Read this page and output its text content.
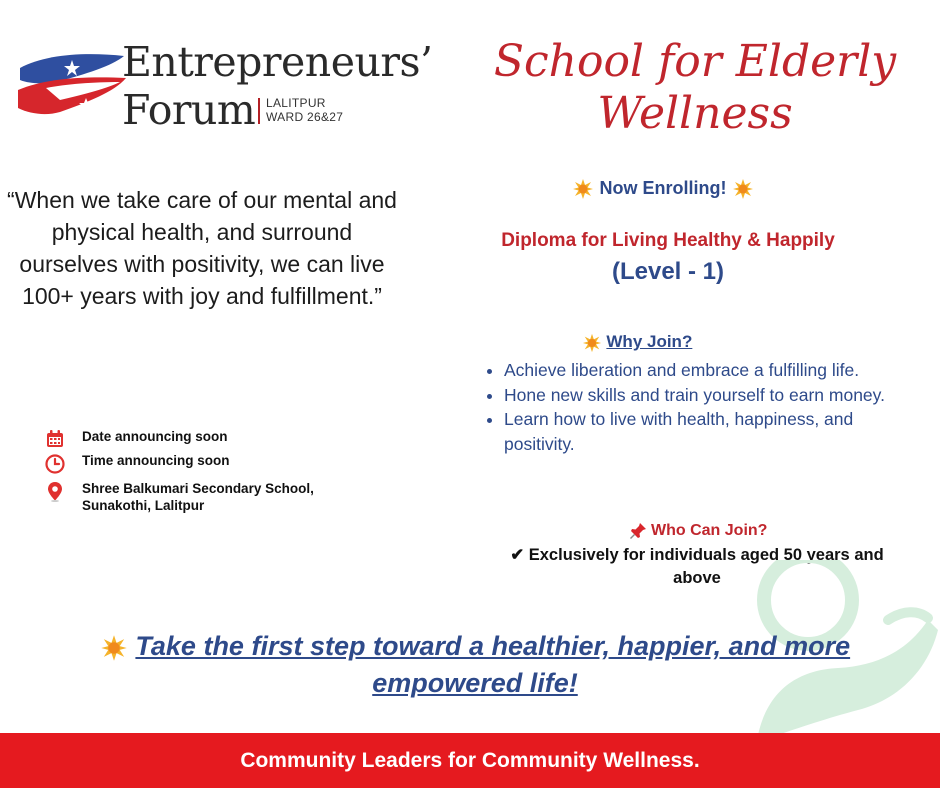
Entrepreneurs’
Forum LALITPUR
WARD 26&27
School for Elderly
Wellness
“When we take care of our mental and physical health, and surround ourselves with positivity, we can live 100+ years with joy and fulfillment.”
Date announcing soon
Time announcing soon
Shree Balkumari Secondary School,
Sunakothi, Lalitpur
Now Enrolling!
Diploma for Living Healthy & Happily
(Level - 1)
Why Join?
• Achieve liberation and embrace a fulfilling life.
• Hone new skills and train yourself to earn money.
• Learn how to live with health, happiness, and positivity.
Who Can Join?
✔ Exclusively for individuals aged 50 years and above
Take the first step toward a healthier, happier, and more
empowered life!
Community Leaders for Community Wellness.
